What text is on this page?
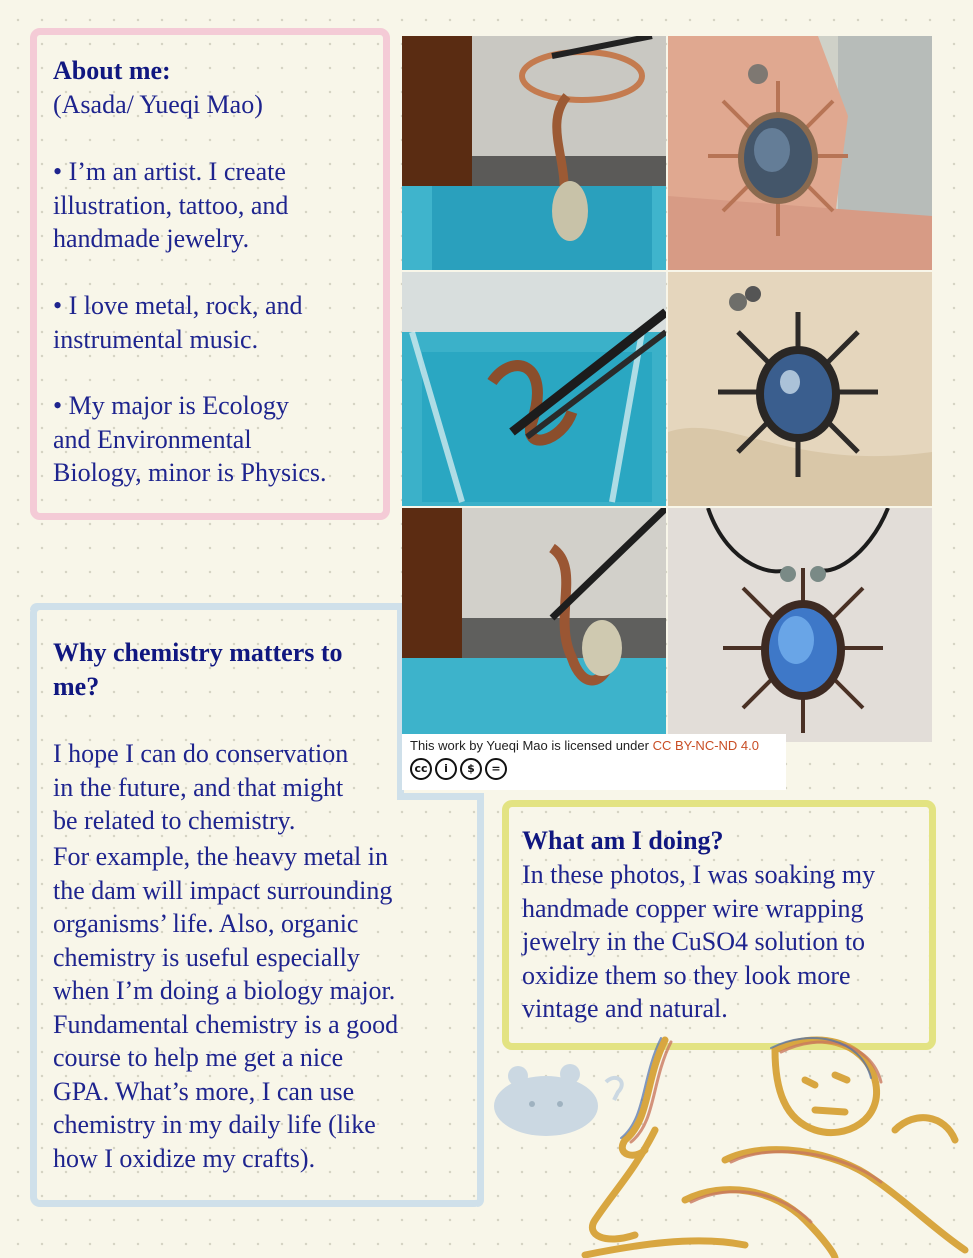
About me:
(Asada/ Yueqi Mao)
• I’m an artist. I create
illustration, tattoo, and
handmade jewelry.
• I love metal, rock, and
instrumental music.
• My major is Ecology
and Environmental
Biology, minor is Physics.
Why chemistry matters to
me?
I hope I can do conservation
in the future, and that might
be related to chemistry.
For example, the heavy metal in
the dam will impact surrounding
organisms’ life. Also, organic
chemistry is useful especially
when I’m doing a biology major.
Fundamental chemistry is a good
course to help me get a nice
GPA. What’s more, I can use
chemistry in my daily life (like
how I oxidize my crafts).
What am I doing?
In these photos, I was soaking my
handmade copper wire wrapping
jewelry in the CuSO4 solution to
oxidize them so they look more
vintage and natural.
This work by Yueqi Mao is licensed under CC BY-NC-ND 4.0
cc	i	$	=
